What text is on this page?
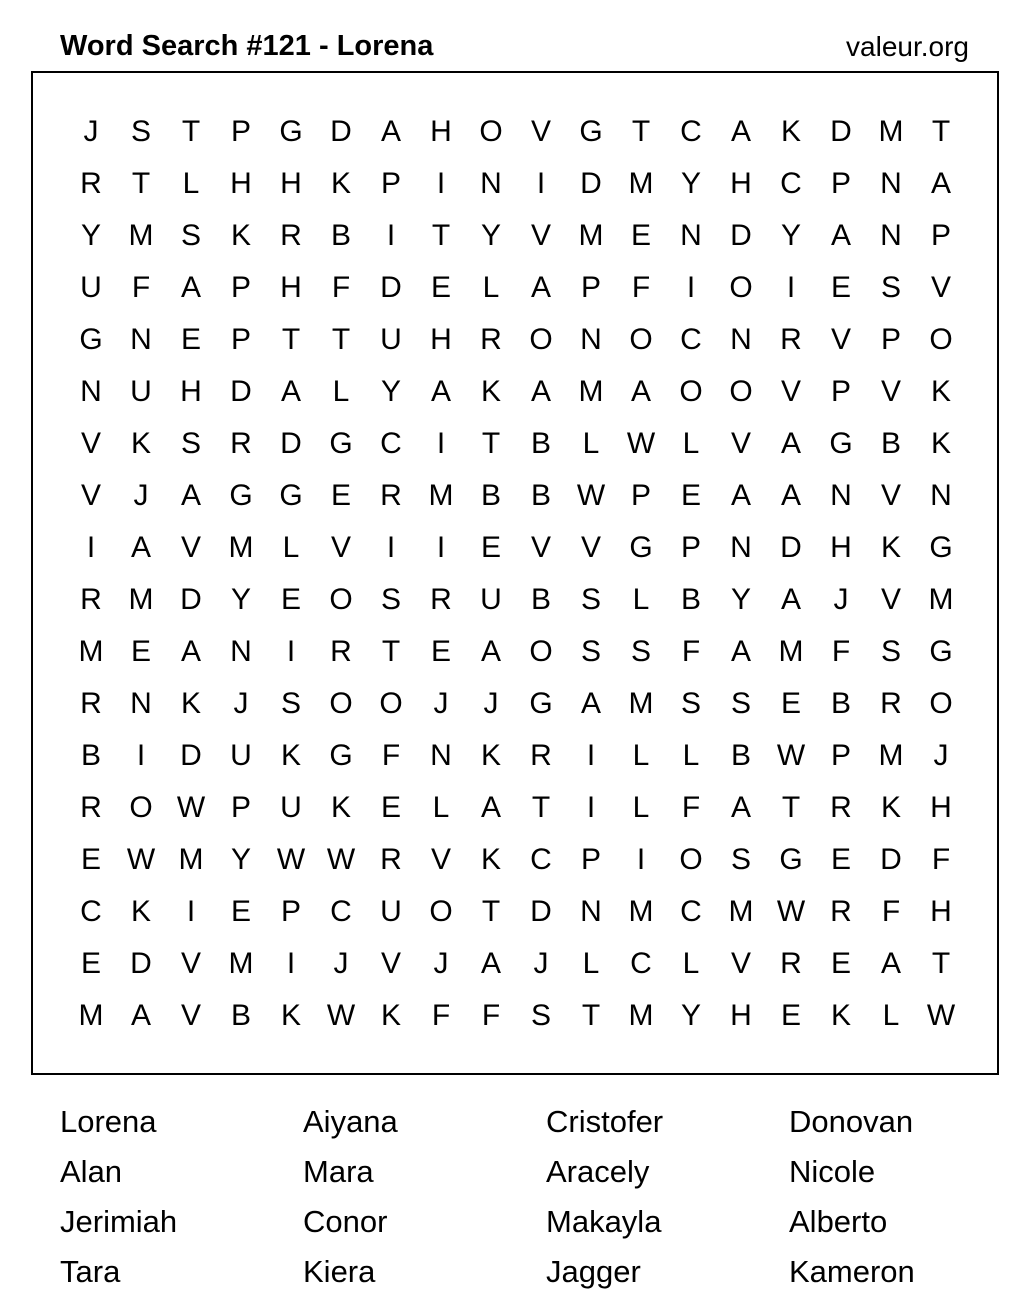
Word Search #121 - Lorena	valeur.org
J	S	T	P G D A H O V G T	C A K D M T
R	T	L	H H K P	I	N	I	D M Y H C P N A
Y M S K R B	I	T	Y V M E N D Y A N P
U	F	A P H	F	D E	L	A P	F	I	O	I	E S V
G N E P	T	T	U H R O N O C N R V P O
N U H D A	L	Y A K A M A O O V P V K
V K S R D G C	I	T	B	L W L	V A G B K
V	J	A G G E R M B B W P E A A N V N
I	A V M L	V	I	I	E V V G P N D H K G
R M D Y E O S R U B S	L	B Y A	J	V M
M E A N	I	R	T	E A O S S	F	A M F	S G
R N K	J	S O O	J	J	G A M S S E B R O
B	I	D U K G F	N K R	I	L	L	B W P M	J
R O W P U K E	L	A	T	I	L	F	A	T	R K H
E W M Y W W R V K C P	I	O S G E D	F
C K	I	E P C U O T	D N M C M W R	F	H
E D V M	I	J	V	J	A	J	L	C	L	V R E A	T
M A V B K W K	F	F	S	T M Y H E K	L W
Lorena	Aiyana	Cristofer	Donovan
Alan	Mara	Aracely	Nicole
Jerimiah	Conor	Makayla	Alberto
Tara	Kiera	Jagger	Kameron
